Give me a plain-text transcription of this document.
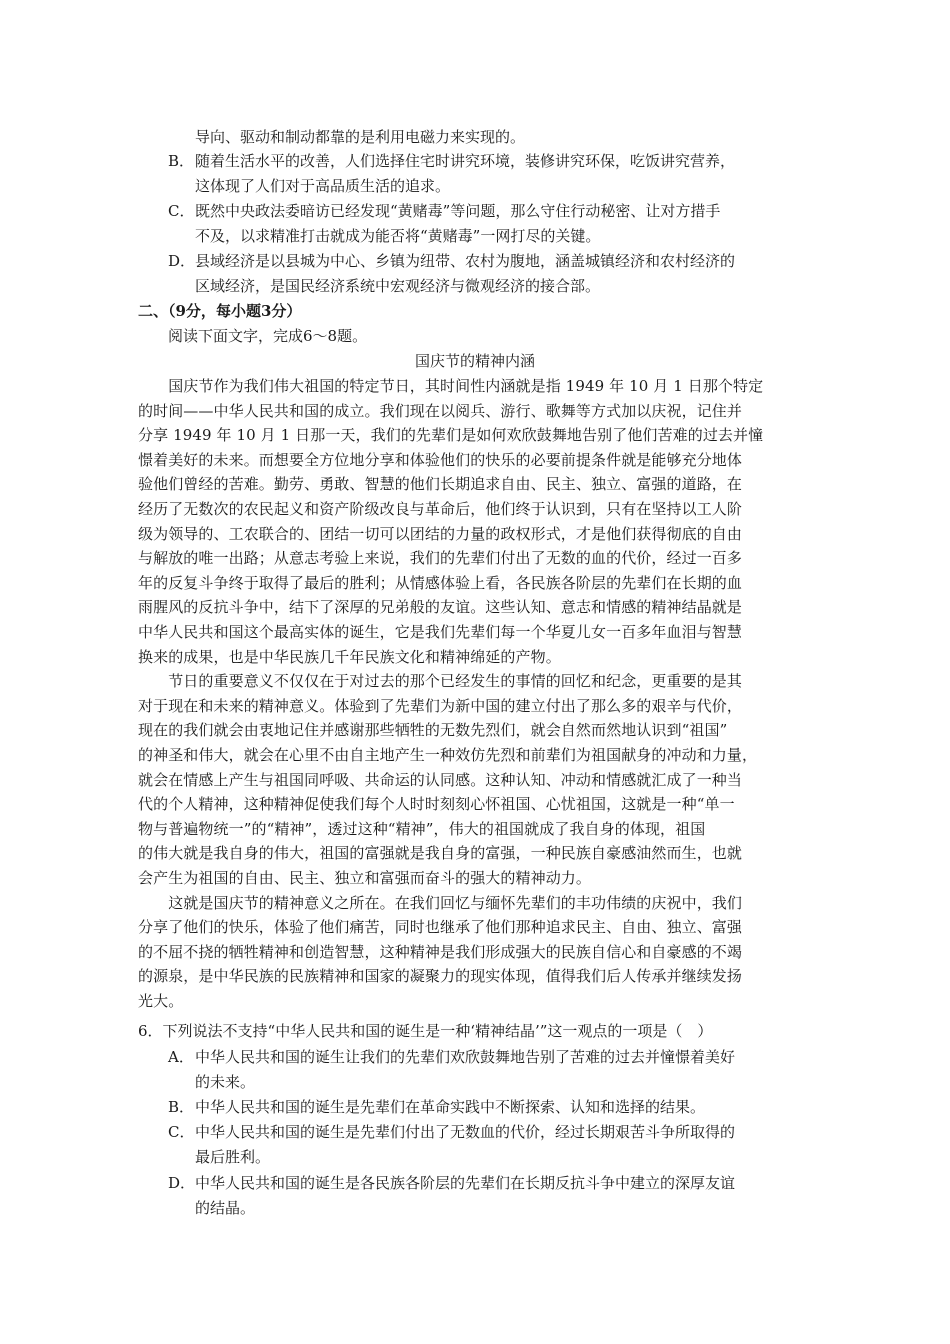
导向、驱动和制动都靠的是利用电磁力来实现的。
B． 随着生活水平的改善，人们选择住宅时讲究环境，装修讲究环保，吃饭讲究营养，
这体现了人们对于高品质生活的追求。
C． 既然中央政法委暗访已经发现“黄赌毒”等问题，那么守住行动秘密、让对方措手
不及，以求精准打击就成为能否将“黄赌毒”一网打尽的关键。
D． 县域经济是以县城为中心、乡镇为纽带、农村为腹地，涵盖城镇经济和农村经济的
区域经济，是国民经济系统中宏观经济与微观经济的接合部。
二、（9分，每小题3分）
阅读下面文字，完成6～8题。
国庆节的精神内涵
　　国庆节作为我们伟大祖国的特定节日，其时间性内涵就是指 1949 年 10 月 1 日那个特定
的时间——中华人民共和国的成立。我们现在以阅兵、游行、歌舞等方式加以庆祝，记住并
分享 1949 年 10 月 1 日那一天，我们的先辈们是如何欢欣鼓舞地告别了他们苦难的过去并憧
憬着美好的未来。而想要全方位地分享和体验他们的快乐的必要前提条件就是能够充分地体
验他们曾经的苦难。勤劳、勇敢、智慧的他们长期追求自由、民主、独立、富强的道路，在
经历了无数次的农民起义和资产阶级改良与革命后，他们终于认识到，只有在坚持以工人阶
级为领导的、工农联合的、团结一切可以团结的力量的政权形式，才是他们获得彻底的自由
与解放的唯一出路；从意志考验上来说，我们的先辈们付出了无数的血的代价，经过一百多
年的反复斗争终于取得了最后的胜利；从情感体验上看，各民族各阶层的先辈们在长期的血
雨腥风的反抗斗争中，结下了深厚的兄弟般的友谊。这些认知、意志和情感的精神结晶就是
中华人民共和国这个最高实体的诞生，它是我们先辈们每一个华夏儿女一百多年血泪与智慧
换来的成果，也是中华民族几千年民族文化和精神绵延的产物。
　　节日的重要意义不仅仅在于对过去的那个已经发生的事情的回忆和纪念，更重要的是其
对于现在和未来的精神意义。体验到了先辈们为新中国的建立付出了那么多的艰辛与代价，
现在的我们就会由衷地记住并感谢那些牺牲的无数先烈们，就会自然而然地认识到“祖国”
的神圣和伟大，就会在心里不由自主地产生一种效仿先烈和前辈们为祖国献身的冲动和力量，
就会在情感上产生与祖国同呼吸、共命运的认同感。这种认知、冲动和情感就汇成了一种当
代的个人精神，这种精神促使我们每个人时时刻刻心怀祖国、心忧祖国，这就是一种“单一
物与普遍物统一”的“精神”，透过这种“精神”，伟大的祖国就成了我自身的体现，祖国
的伟大就是我自身的伟大，祖国的富强就是我自身的富强，一种民族自豪感油然而生，也就
会产生为祖国的自由、民主、独立和富强而奋斗的强大的精神动力。
　　这就是国庆节的精神意义之所在。在我们回忆与缅怀先辈们的丰功伟绩的庆祝中，我们
分享了他们的快乐，体验了他们痛苦，同时也继承了他们那种追求民主、自由、独立、富强
的不屈不挠的牺牲精神和创造智慧，这种精神是我们形成强大的民族自信心和自豪感的不竭
的源泉，是中华民族的民族精神和国家的凝聚力的现实体现，值得我们后人传承并继续发扬
光大。
6．下列说法不支持“中华人民共和国的诞生是一种‘精神结晶’”这一观点的一项是（　）
A． 中华人民共和国的诞生让我们的先辈们欢欣鼓舞地告别了苦难的过去并憧憬着美好
的未来。
B． 中华人民共和国的诞生是先辈们在革命实践中不断探索、认知和选择的结果。
C． 中华人民共和国的诞生是先辈们付出了无数血的代价，经过长期艰苦斗争所取得的
最后胜利。
D． 中华人民共和国的诞生是各民族各阶层的先辈们在长期反抗斗争中建立的深厚友谊
的结晶。
